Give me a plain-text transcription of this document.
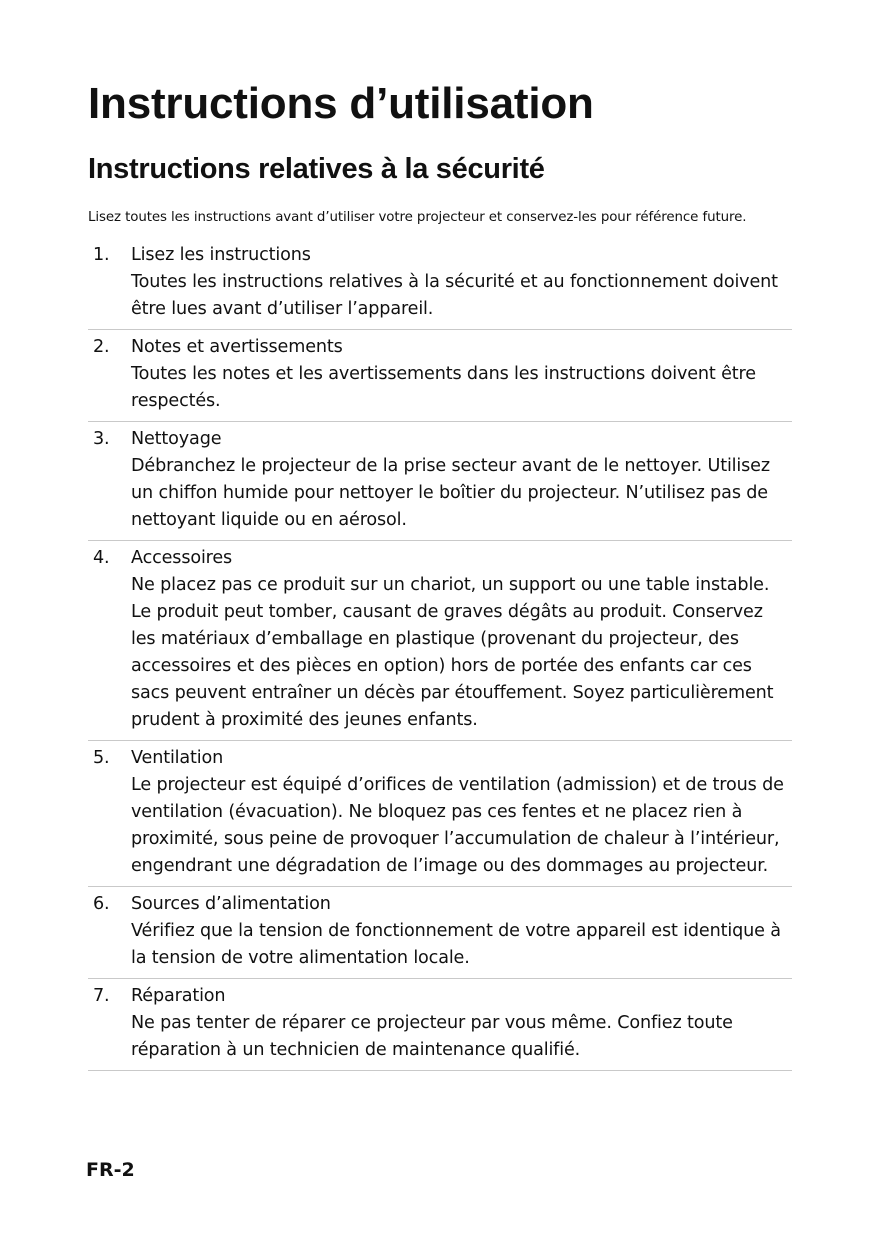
Instructions d’utilisation
Instructions relatives à la sécurité

Lisez toutes les instructions avant d’utiliser votre projecteur et conservez-les pour référence future.

1.	Lisez les instructions
Toutes les instructions relatives à la sécurité et au fonctionnement doivent être lues avant d’utiliser l’appareil.
2.	Notes et avertissements
Toutes les notes et les avertissements dans les instructions doivent être respectés.
3.	Nettoyage
Débranchez le projecteur de la prise secteur avant de le nettoyer. Utilisez un chiffon humide pour nettoyer le boîtier du projecteur. N’utilisez pas de nettoyant liquide ou en aérosol.
4.	Accessoires
Ne placez pas ce produit sur un chariot, un support ou une table instable. Le produit peut tomber, causant de graves dégâts au produit. Conservez les matériaux d’emballage en plastique (provenant du projecteur, des accessoires et des pièces en option) hors de portée des enfants car ces sacs peuvent entraîner un décès par étouffement. Soyez particulièrement prudent à proximité des jeunes enfants.
5.	Ventilation
Le projecteur est équipé d’orifices de ventilation (admission) et de trous de ventilation (évacuation). Ne bloquez pas ces fentes et ne placez rien à proximité, sous peine de provoquer l’accumulation de chaleur à l’intérieur, engendrant une dégradation de l’image ou des dommages au projecteur.
6.	Sources d’alimentation
Vérifiez que la tension de fonctionnement de votre appareil est identique à la tension de votre alimentation locale.
7.	Réparation
Ne pas tenter de réparer ce projecteur par vous même. Confiez toute réparation à un technicien de maintenance qualifié.
FR-2
